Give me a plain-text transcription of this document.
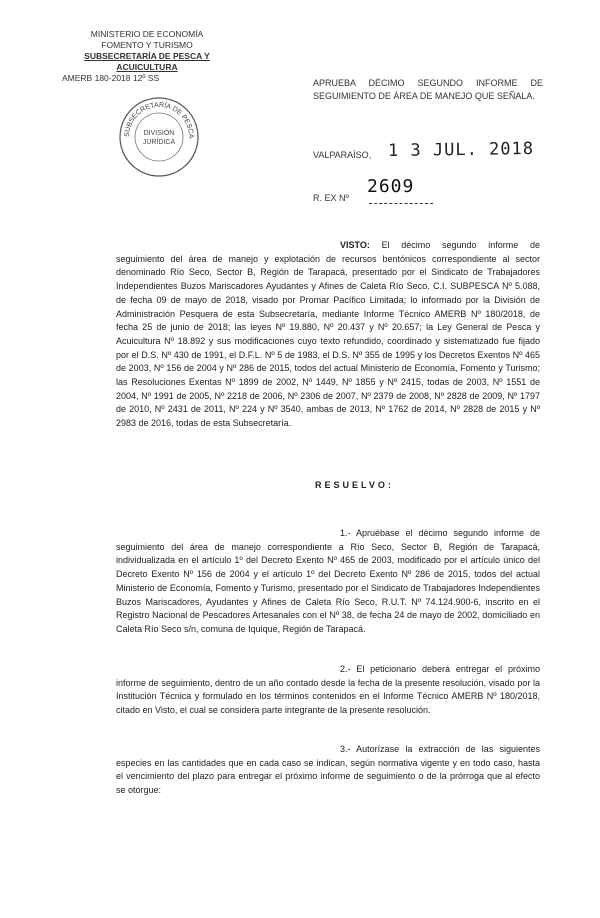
MINISTERIO DE ECONOMÍA
FOMENTO Y TURISMO
SUBSECRETARÍA DE PESCA Y ACUICULTURA
AMERB 180-2018 12º SS
SUBSECRETARÍA DE PESCA
DIVISIÓN
JURÍDICA
APRUEBA DÉCIMO SEGUNDO INFORME DE SEGUIMIENTO DE ÁREA DE MANEJO QUE SEÑALA.
VALPARAÍSO, 1 3 JUL. 2018
R. EX Nº
2609
VISTO: El décimo segundo informe de seguimiento del área de manejo y explotación de recursos bentónicos correspondiente al sector denominado Río Seco, Sector B, Región de Tarapacá, presentado por el Sindicato de Trabajadores Independientes Buzos Mariscadores Ayudantes y Afines de Caleta Río Seco. C.I. SUBPESCA Nº 5.088, de fecha 09 de mayo de 2018, visado por Promar Pacífico Limitada; lo informado por la División de Administración Pesquera de esta Subsecretaría, mediante Informe Técnico AMERB Nº 180/2018, de fecha 25 de junio de 2018; las leyes Nº 19.880, Nº 20.437 y Nº 20.657; la Ley General de Pesca y Acuicultura Nº 18.892 y sus modificaciones cuyo texto refundido, coordinado y sistematizado fue fijado por el D.S. Nº 430 de 1991, el D.F.L. Nº 5 de 1983, el D.S. Nº 355 de 1995 y los Decretos Exentos Nº 465 de 2003, Nº 156 de 2004 y Nº 286 de 2015, todos del actual Ministerio de Economía, Fomento y Turismo; las Resoluciones Exentas Nº 1899 de 2002, Nº 1449, Nº 1855 y Nº 2415, todas de 2003, Nº 1551 de 2004, Nº 1991 de 2005, Nº 2218 de 2006, Nº 2306 de 2007, Nº 2379 de 2008, Nº 2828 de 2009, Nº 1797 de 2010, Nº 2431 de 2011, Nº 224 y Nº 3540, ambas de 2013, Nº 1762 de 2014, Nº 2828 de 2015 y Nº 2983 de 2016, todas de esta Subsecretaría.
RESUELVO:
1.- Apruébase el décimo segundo informe de seguimiento del área de manejo correspondiente a Río Seco, Sector B, Región de Tarapacá, individualizada en el artículo 1º del Decreto Exento Nº 465 de 2003, modificado por el artículo único del Decreto Exento Nº 156 de 2004 y el artículo 1º del Decreto Exento Nº 286 de 2015, todos del actual Ministerio de Economía, Fomento y Turismo, presentado por el Sindicato de Trabajadores Independientes Buzos Mariscadores, Ayudantes y Afines de Caleta Río Seco, R.U.T. Nº 74.124.900-6, inscrito en el Registro Nacional de Pescadores Artesanales con el Nº 38, de fecha 24 de mayo de 2002, domiciliado en Caleta Río Seco s/n, comuna de Iquique, Región de Tarapacá.
2.- El peticionario deberá entregar el próximo informe de seguimiento, dentro de un año contado desde la fecha de la presente resolución, visado por la Institución Técnica y formulado en los términos contenidos en el Informe Técnico AMERB Nº 180/2018, citado en Visto, el cual se considera parte integrante de la presente resolución.
3.- Autorízase la extracción de las siguientes especies en las cantidades que en cada caso se indican, según normativa vigente y en todo caso, hasta el vencimiento del plazo para entregar el próximo informe de seguimiento o de la prórroga que al efecto se otorgue:
